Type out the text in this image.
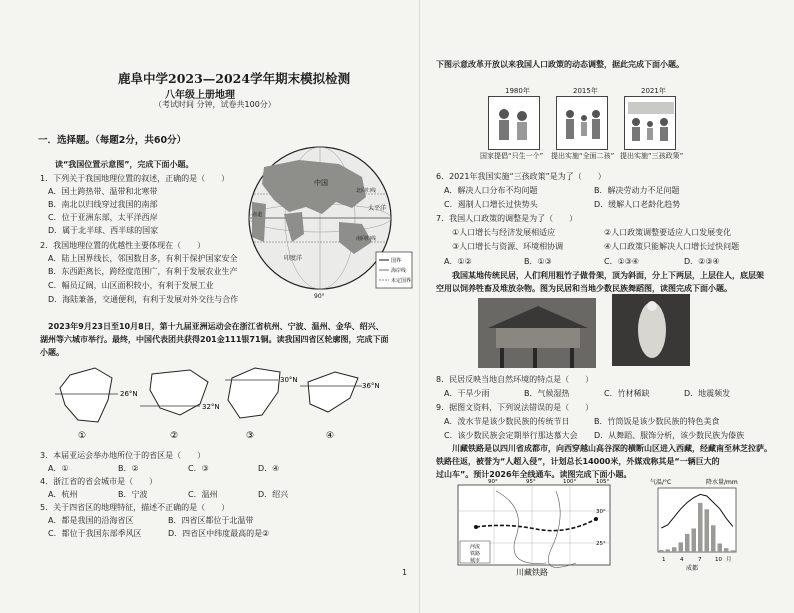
鹿阜中学2023—2024学年期末模拟检测
八年级上册地理
（考试时间 分钟，试卷共100分）
一．选择题。（每题2分，共60分）
读“我国位置示意图”，完成下面小题。
1．下列关于我国地理位置的叙述，正确的是（　　）
A．国土跨热带、温带和北寒带
B．南北以归线穿过我国的南部
C．位于亚洲东部，太平洋西岸
D．属于北半球、西半球的国家
2．我国地理位置的优越性主要体现在（　　）
A．陆上国界线长，邻国数目多，有利于保护国家安全
B．东西距离长，跨经度范围广，有利于发展农业生产
C．幅员辽阔，山区面积较小，有利于发展工业
D．海陆兼备，交通便利，有利于发展对外交往与合作
中国
太平洋
印度洋
赤道
北回归线
南回归线
90°
国界
海岸线
未定国界
2023年9月23日至10月8日，第十九届亚洲运动会在浙江省杭州、宁波、温州、金华、绍兴、
湖州等六城市举行。最终，中国代表团共获得201金111银71铜。读我国四省区轮廓图，完成下面
小题。
26°N
32°N
30°N
36°N
①	②	③	④
3．本届亚运会举办地所位于的省区是（　　）
A．①	B．②	C．③	D．④
4．浙江省的省会城市是（　　）
A．杭州	B．宁波	C．温州	D．绍兴
5．关于四省区的地理特征，描述不正确的是（　　）
A．都是我国的沿海省区	B．四省区都位于北温带
C．都位于我国东部季风区	D．四省区中纬度最高的是②
下图示意改革开放以来我国人口政策的动态调整，据此完成下面小题。
1980年	2015年	2021年
国家提倡“只生一个” 提出实施“全面二孩” 提出实施“三孩政策”
6．2021年我国实施“三孩政策”是为了（　　）
A．解决人口分布不均问题	B．解决劳动力不足问题
C．遏制人口增长过快势头	D．缓解人口老龄化趋势
7．我国人口政策的调整是为了（　　）
①人口增长与经济发展相适应	②人口政策调整要适应人口发展变化
③人口增长与资源、环境相协调	④人口政策只能解决人口增长过快问题
A．①②	B．①③	C．①③④	D．②③④
我国某地传统民居，人们利用粗竹子做骨架，顶为斜面，分上下两层，上层住人，底层架
空用以饲养牲畜及堆放杂物。图为民居和当地少数民族舞蹈图，读图完成下面小题。
8．民居反映当地自然环境的特点是（　　）
A．干旱少雨	B．气候湿热	C．竹材稀缺	D．地震频发
9．据图文资料，下列说法错误的是（　　）
A．泼水节是该少数民族的传统节日	B．竹筒饭是该少数民族的特色美食
C．该少数民族会定期举行那达慕大会 D．从舞蹈、服饰分析，该少数民族为傣族
川藏铁路是以四川省成都市，向西穿越山高谷深的横断山区进入西藏，经藏南至林芝拉萨。
铁路往返，被誉为“人超入侵”，计划总长14000米，外媒戏称其是“一辆巨大的
过山车”。预计2026年全线通车。读图完成下面小题。
90°	95°	100°	105°
30°
25°
河流
铁路
城市
川藏铁路
气温/°C	降水量/mm
1	4	7 10 月
成都
1
